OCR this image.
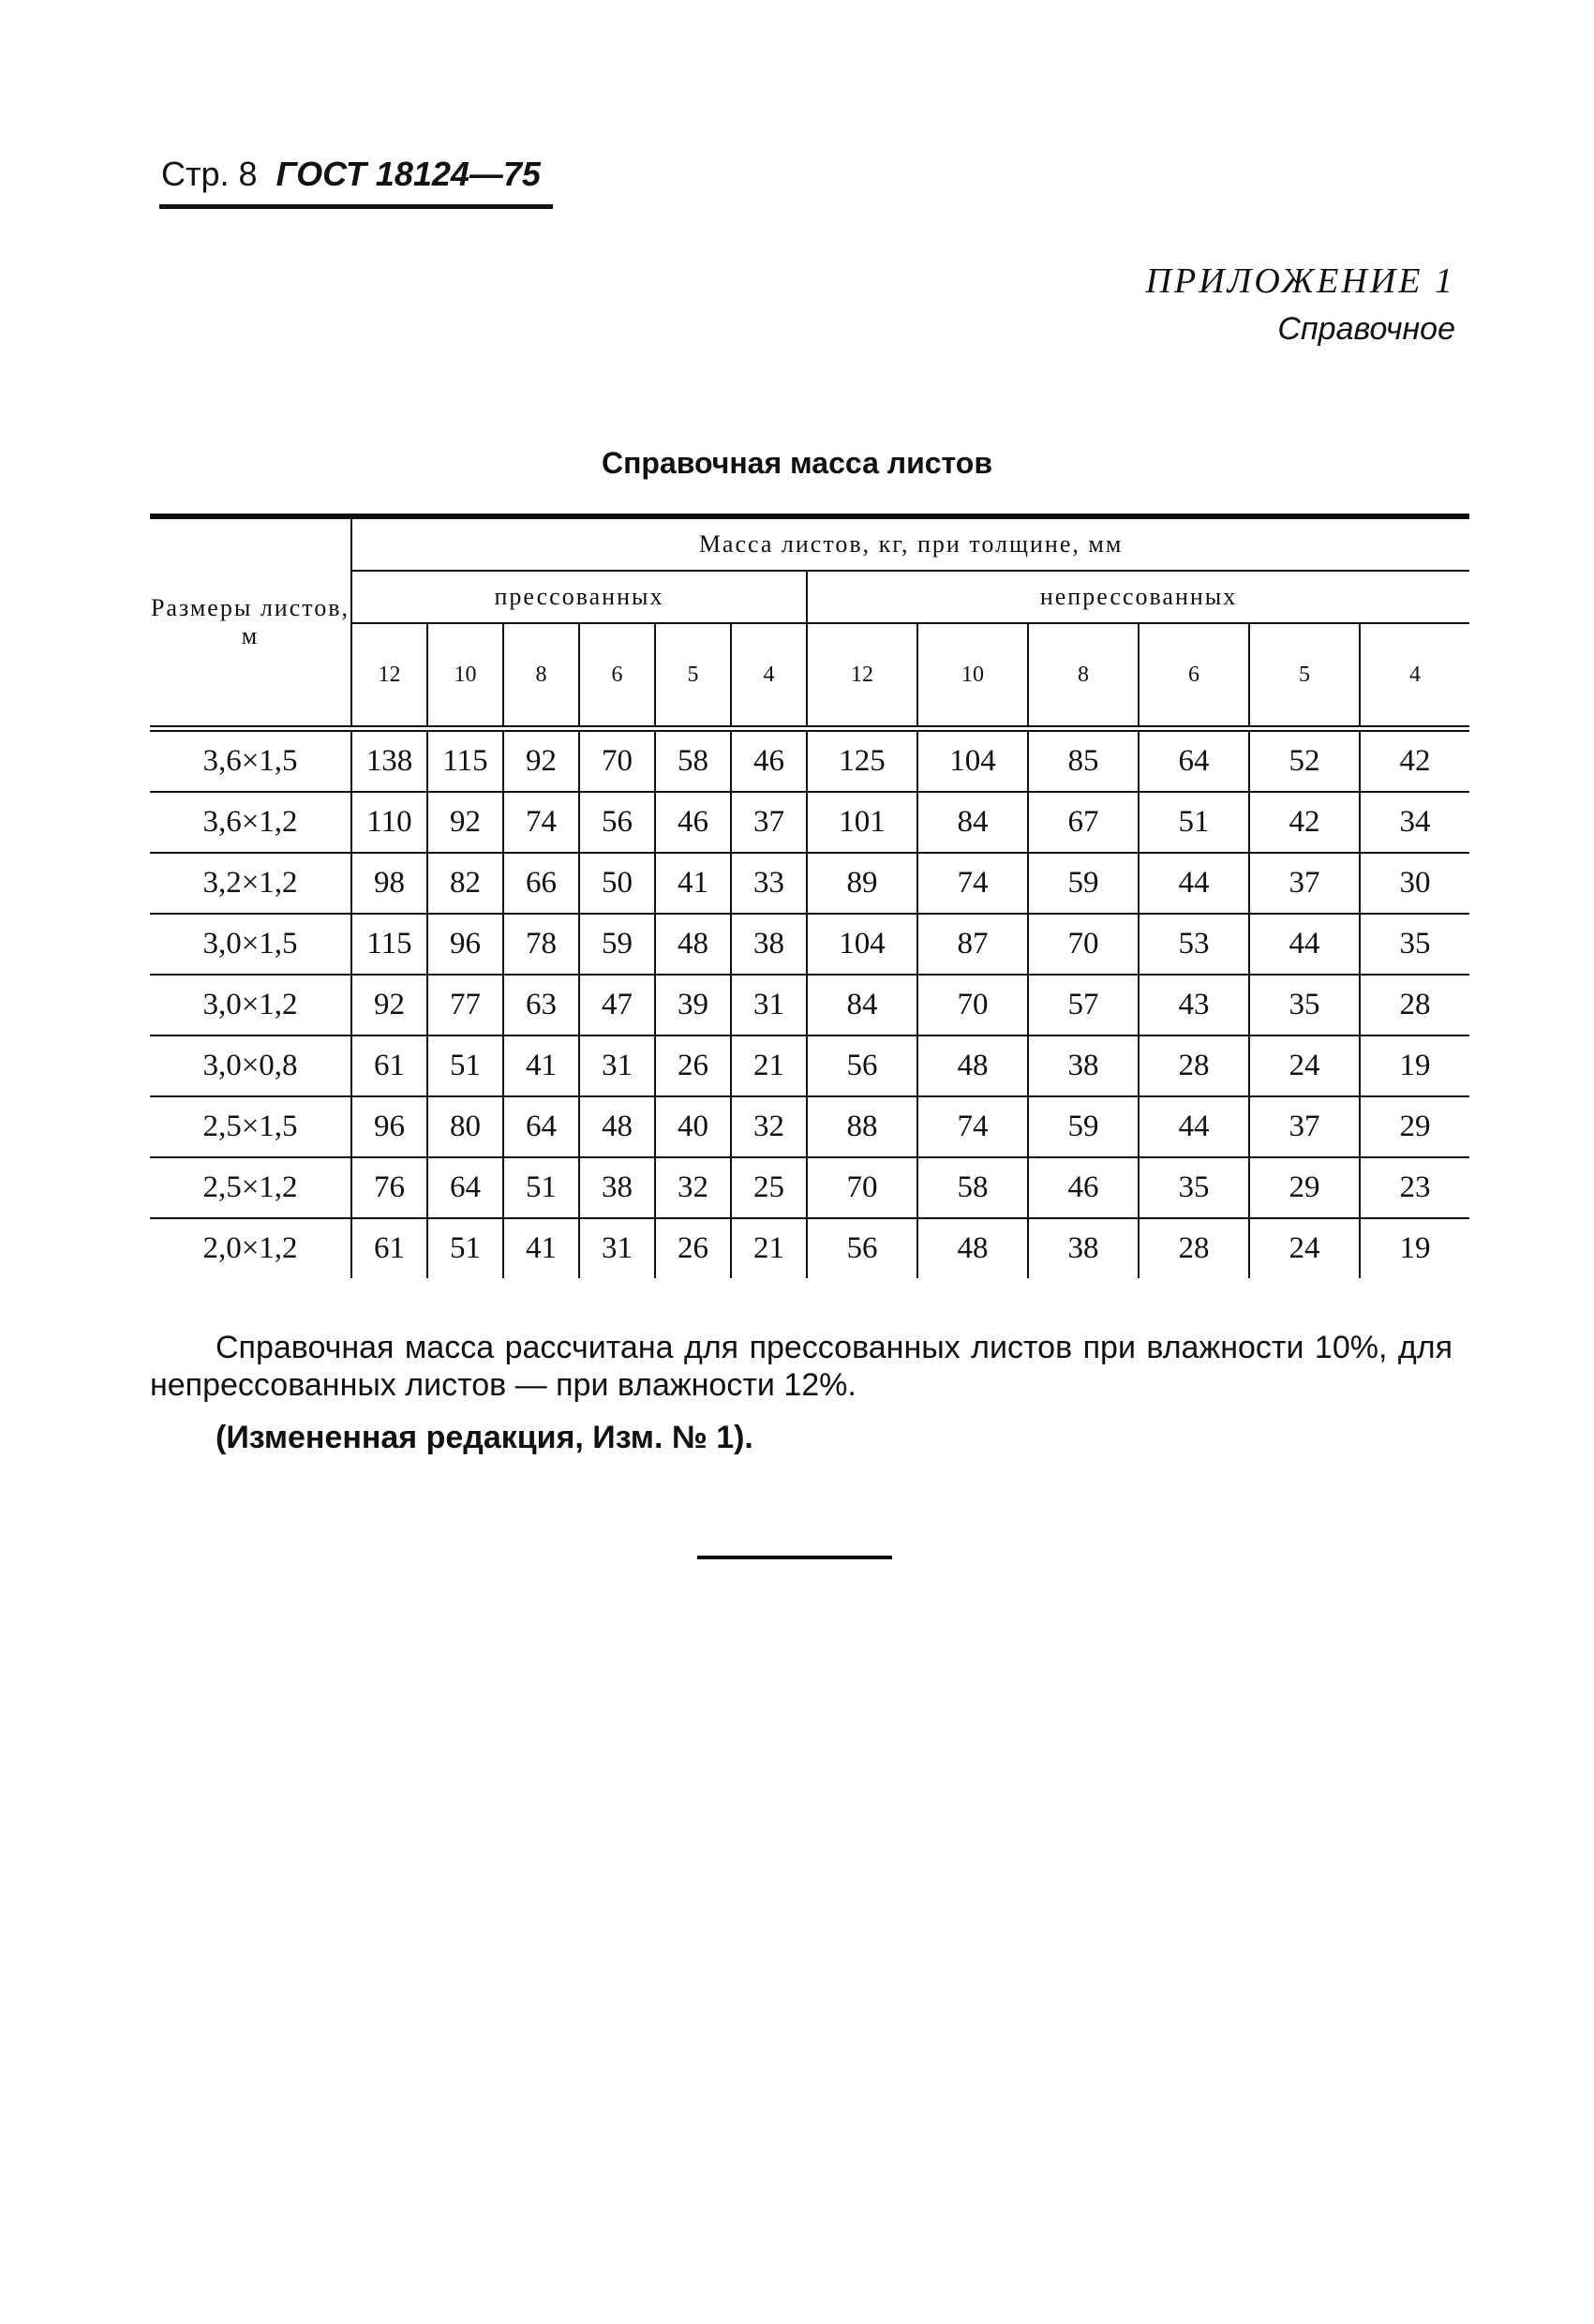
Стр. 8 ГОСТ 18124—75
ПРИЛОЖЕНИЕ 1
Справочное
Справочная масса листов
Размеры листов, м	Масса листов, кг, при толщине, мм											
	прессованных						непрессованных					
	12	10	8	6	5	4	12	10	8	6	5	4
3,6×1,5	138	115	92	70	58	46	125	104	85	64	52	42
3,6×1,2	110	92	74	56	46	37	101	84	67	51	42	34
3,2×1,2	98	82	66	50	41	33	89	74	59	44	37	30
3,0×1,5	115	96	78	59	48	38	104	87	70	53	44	35
3,0×1,2	92	77	63	47	39	31	84	70	57	43	35	28
3,0×0,8	61	51	41	31	26	21	56	48	38	28	24	19
2,5×1,5	96	80	64	48	40	32	88	74	59	44	37	29
2,5×1,2	76	64	51	38	32	25	70	58	46	35	29	23
2,0×1,2	61	51	41	31	26	21	56	48	38	28	24	19
Справочная масса рассчитана для прессованных листов при влажности 10%, для непрессованных листов — при влажности 12%.
(Измененная редакция, Изм. № 1).
